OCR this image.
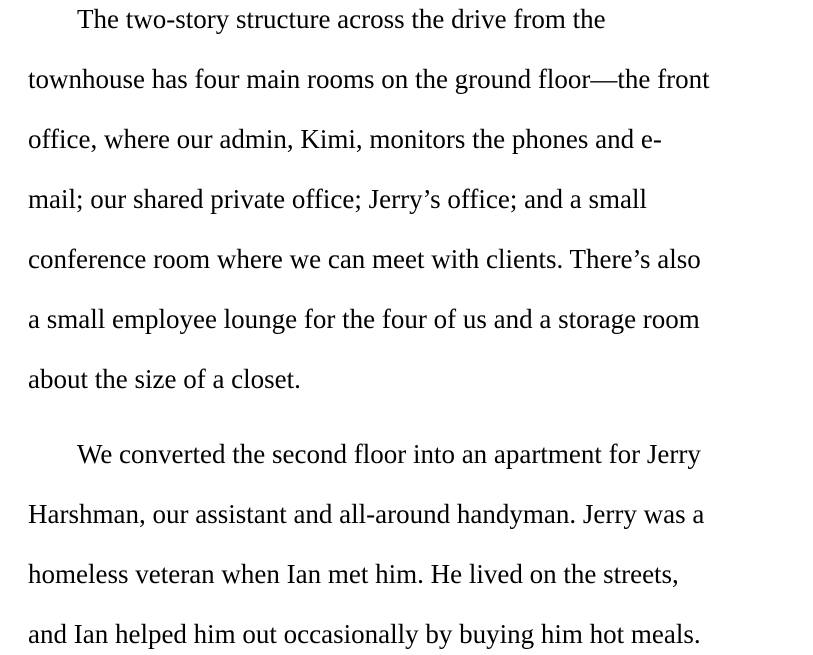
The two-story structure across the drive from the
townhouse has four main rooms on the ground floor—the front
office, where our admin, Kimi, monitors the phones and e-
mail; our shared private office; Jerry’s office; and a small
conference room where we can meet with clients. There’s also
a small employee lounge for the four of us and a storage room
about the size of a closet.
We converted the second floor into an apartment for Jerry
Harshman, our assistant and all-around handyman. Jerry was a
homeless veteran when Ian met him. He lived on the streets,
and Ian helped him out occasionally by buying him hot meals.
